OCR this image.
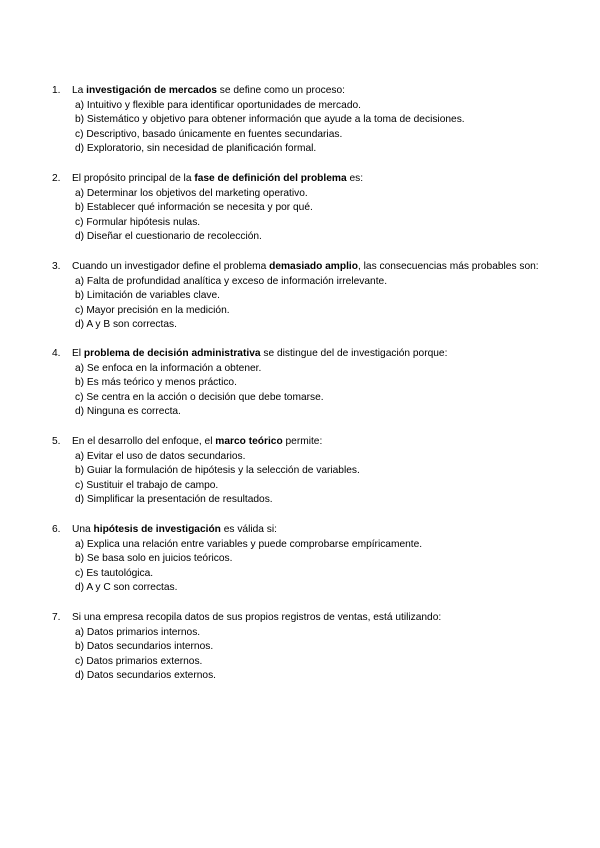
1.	La investigación de mercados se define como un proceso:
a) Intuitivo y flexible para identificar oportunidades de mercado.
b) Sistemático y objetivo para obtener información que ayude a la toma de decisiones.
c) Descriptivo, basado únicamente en fuentes secundarias.
d) Exploratorio, sin necesidad de planificación formal.
2.	El propósito principal de la fase de definición del problema es:
a) Determinar los objetivos del marketing operativo.
b) Establecer qué información se necesita y por qué.
c) Formular hipótesis nulas.
d) Diseñar el cuestionario de recolección.
3.	Cuando un investigador define el problema demasiado amplio, las consecuencias más probables son:
a) Falta de profundidad analítica y exceso de información irrelevante.
b) Limitación de variables clave.
c) Mayor precisión en la medición.
d) A y B son correctas.
4.	El problema de decisión administrativa se distingue del de investigación porque:
a) Se enfoca en la información a obtener.
b) Es más teórico y menos práctico.
c) Se centra en la acción o decisión que debe tomarse.
d) Ninguna es correcta.
5.	En el desarrollo del enfoque, el marco teórico permite:
a) Evitar el uso de datos secundarios.
b) Guiar la formulación de hipótesis y la selección de variables.
c) Sustituir el trabajo de campo.
d) Simplificar la presentación de resultados.
6.	Una hipótesis de investigación es válida si:
a) Explica una relación entre variables y puede comprobarse empíricamente.
b) Se basa solo en juicios teóricos.
c) Es tautológica.
d) A y C son correctas.
7.	Si una empresa recopila datos de sus propios registros de ventas, está utilizando:
a) Datos primarios internos.
b) Datos secundarios internos.
c) Datos primarios externos.
d) Datos secundarios externos.
